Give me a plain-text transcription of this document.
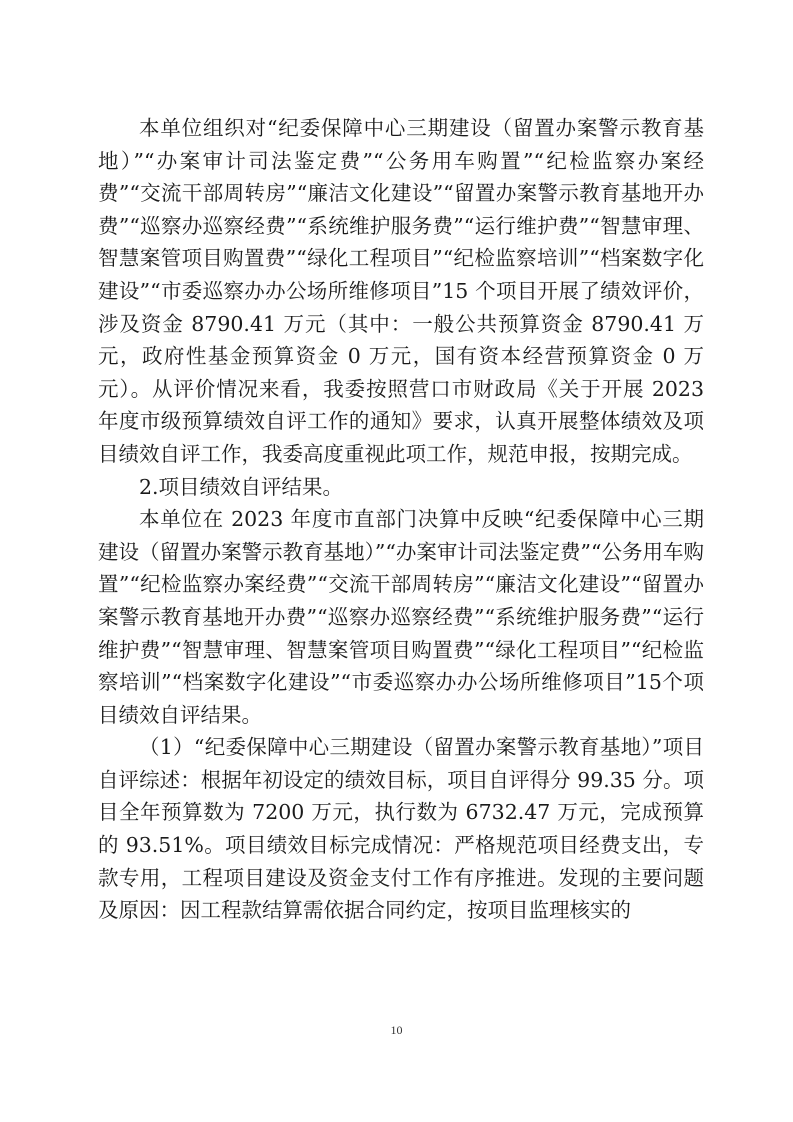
本单位组织对“纪委保障中心三期建设（留置办案警示教育基地）”“办案审计司法鉴定费”“公务用车购置”“纪检监察办案经费”“交流干部周转房”“廉洁文化建设”“留置办案警示教育基地开办费”“巡察办巡察经费”“系统维护服务费”“运行维护费”“智慧审理、智慧案管项目购置费”“绿化工程项目”“纪检监察培训”“档案数字化建设”“市委巡察办办公场所维修项目”15 个项目开展了绩效评价，涉及资金 8790.41 万元（其中：一般公共预算资金 8790.41 万元，政府性基金预算资金 0 万元，国有资本经营预算资金 0 万元）。从评价情况来看，我委按照营口市财政局《关于开展 2023 年度市级预算绩效自评工作的通知》要求，认真开展整体绩效及项目绩效自评工作，我委高度重视此项工作，规范申报，按期完成。

2.项目绩效自评结果。

本单位在 2023 年度市直部门决算中反映“纪委保障中心三期建设（留置办案警示教育基地）”“办案审计司法鉴定费”“公务用车购置”“纪检监察办案经费”“交流干部周转房”“廉洁文化建设”“留置办案警示教育基地开办费”“巡察办巡察经费”“系统维护服务费”“运行维护费”“智慧审理、智慧案管项目购置费”“绿化工程项目”“纪检监察培训”“档案数字化建设”“市委巡察办办公场所维修项目”15个项目绩效自评结果。

（1）“纪委保障中心三期建设（留置办案警示教育基地）”项目自评综述：根据年初设定的绩效目标，项目自评得分 99.35 分。项目全年预算数为 7200 万元，执行数为 6732.47 万元，完成预算的 93.51%。项目绩效目标完成情况：严格规范项目经费支出，专款专用，工程项目建设及资金支付工作有序推进。发现的主要问题及原因：因工程款结算需依据合同约定，按项目监理核实的

10
